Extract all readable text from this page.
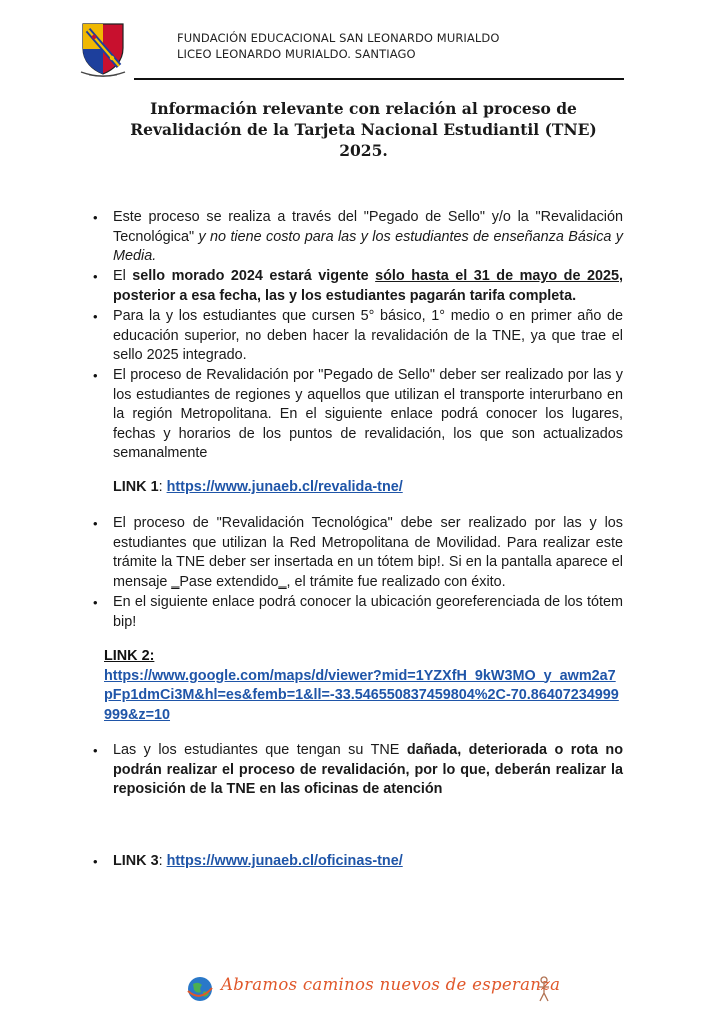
FUNDACIÓN EDUCACIONAL SAN LEONARDO MURIALDO
LICEO LEONARDO MURIALDO. SANTIAGO
Información relevante con relación al proceso de
Revalidación de la Tarjeta Nacional Estudiantil (TNE)
2025.
• Este proceso se realiza a través del "Pegado de Sello" y/o la "Revalidación Tecnológica" y no tiene costo para las y los estudiantes de enseñanza Básica y Media.
• El sello morado 2024 estará vigente sólo hasta el 31 de mayo de 2025, posterior a esa fecha, las y los estudiantes pagarán tarifa completa.
• Para la y los estudiantes que cursen 5° básico, 1° medio o en primer año de educación superior, no deben hacer la revalidación de la TNE, ya que trae el sello 2025 integrado.
• El proceso de Revalidación por "Pegado de Sello" deber ser realizado por las y los estudiantes de regiones y aquellos que utilizan el transporte interurbano en la región Metropolitana. En el siguiente enlace podrá conocer los lugares, fechas y horarios de los puntos de revalidación, los que son actualizados semanalmente
LINK 1: https://www.junaeb.cl/revalida-tne/
• El proceso de "Revalidación Tecnológica" debe ser realizado por las y los estudiantes que utilizan la Red Metropolitana de Movilidad. Para realizar este trámite la TNE deber ser insertada en un tótem bip!. Si en la pantalla aparece el mensaje ‗Pase extendido‗, el trámite fue realizado con éxito.
• En el siguiente enlace podrá conocer la ubicación georeferenciada de los tótem bip!
LINK 2:
https://www.google.com/maps/d/viewer?mid=1YZXfH_9kW3MO_y_awm2a7pFp1dmCi3M&hl=es&femb=1&ll=-33.546550837459804%2C-70.86407234999999&z=10
• Las y los estudiantes que tengan su TNE dañada, deteriorada o rota no podrán realizar el proceso de revalidación, por lo que, deberán realizar la reposición de la TNE en las oficinas de atención
• LINK 3: https://www.junaeb.cl/oficinas-tne/
Abramos caminos nuevos de esperanza
